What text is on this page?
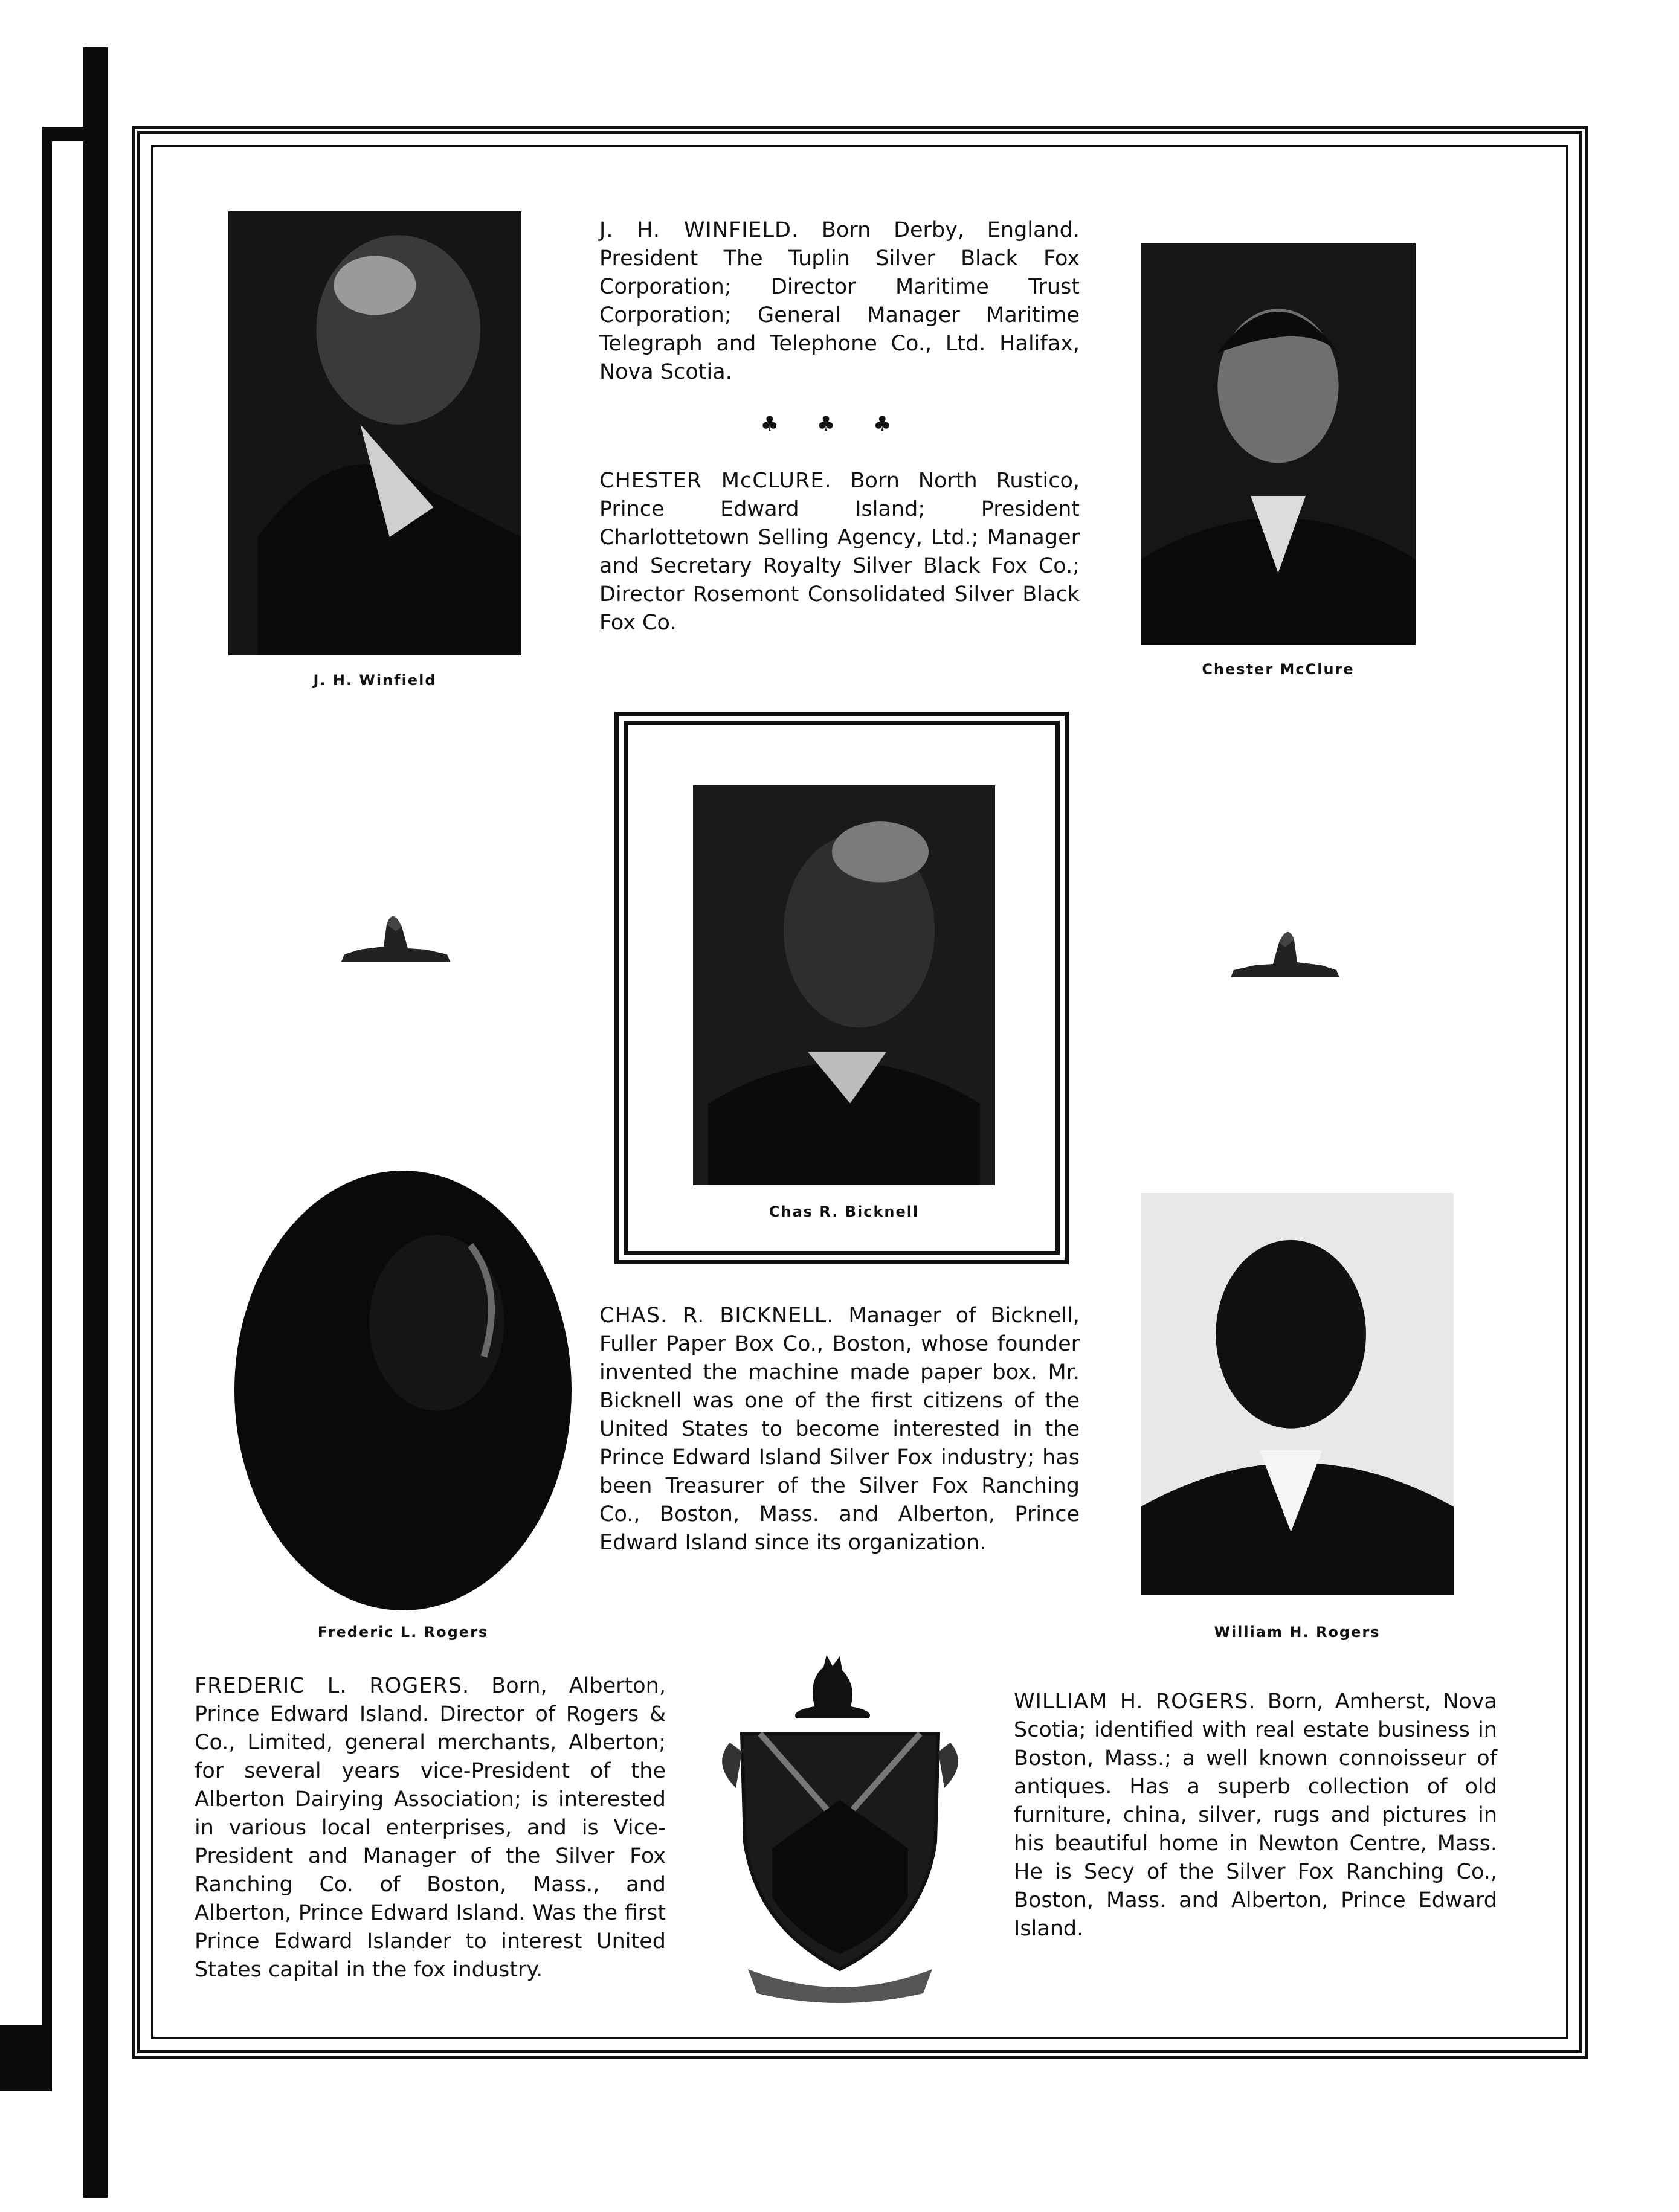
J. H. Winfield
Chester McClure
J. H. WINFIELD. Born Derby, England. President The Tuplin Silver Black Fox Corporation; Director Maritime Trust Corporation; General Manager Maritime Telegraph and Telephone Co., Ltd. Halifax, Nova Scotia.
♣ ♣ ♣
CHESTER McCLURE. Born North Rustico, Prince Edward Island; President Charlottetown Selling Agency, Ltd.; Manager and Secretary Royalty Silver Black Fox Co.; Director Rosemont Consolidated Silver Black Fox Co.
Chas R. Bicknell
Frederic L. Rogers	William H. Rogers
CHAS. R. BICKNELL. Manager of Bicknell, Fuller Paper Box Co., Boston, whose founder invented the machine made paper box. Mr. Bicknell was one of the first citizens of the United States to become interested in the Prince Edward Island Silver Fox industry; has been Treasurer of the Silver Fox Ranching Co., Boston, Mass. and Alberton, Prince Edward Island since its organization.
FREDERIC L. ROGERS. Born, Alberton, Prince Edward Island. Director of Rogers & Co., Limited, general merchants, Alberton; for several years vice-President of the Alberton Dairying Association; is interested in various local enterprises, and is Vice-President and Manager of the Silver Fox Ranching Co. of Boston, Mass., and Alberton, Prince Edward Island. Was the first Prince Edward Islander to interest United States capital in the fox industry.
WILLIAM H. ROGERS. Born, Amherst, Nova Scotia; identified with real estate business in Boston, Mass.; a well known connoisseur of antiques. Has a superb collection of old furniture, china, silver, rugs and pictures in his beautiful home in Newton Centre, Mass. He is Secy of the Silver Fox Ranching Co., Boston, Mass. and Alberton, Prince Edward Island.
